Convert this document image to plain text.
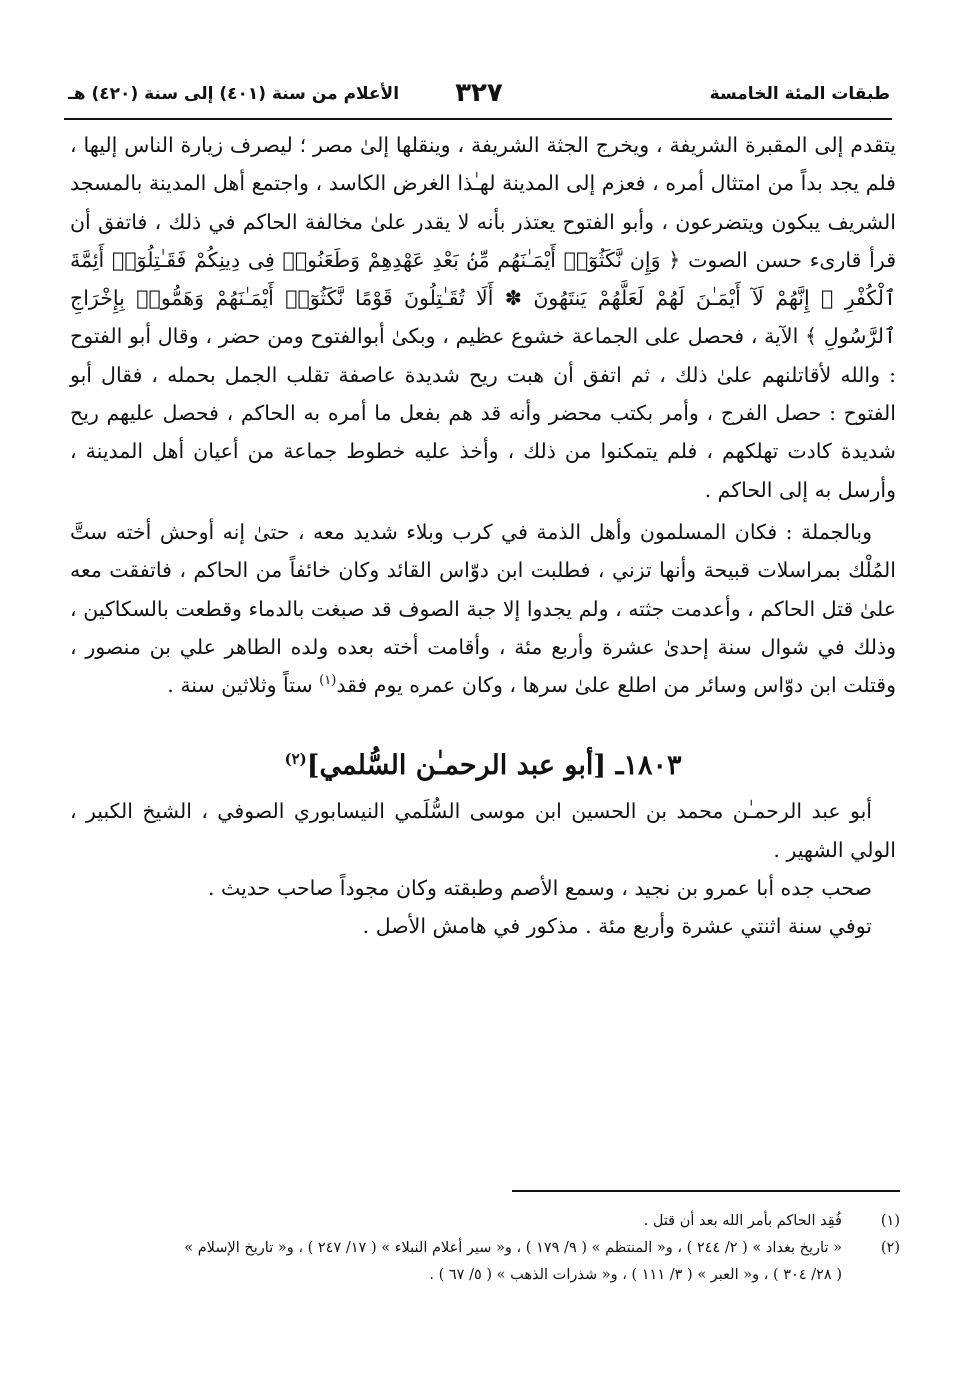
طبقات المئة الخامسة
٣٢٧
الأعلام من سنة (٤٠١) إلى سنة (٤٢٠) هـ

يتقدم إلى المقبرة الشريفة ، ويخرج الجثة الشريفة ، وينقلها إلىٰ مصر ؛ ليصرف زيارة الناس إليها ، فلم يجد بداً من امتثال أمره ، فعزم إلى المدينة لهـٰذا الغرض الكاسد ، واجتمع أهل المدينة بالمسجد الشريف يبكون ويتضرعون ، وأبو الفتوح يعتذر بأنه لا يقدر علىٰ مخالفة الحاكم في ذلك ، فاتفق أن قرأ قارىء حسن الصوت ﴿ وَإِن نَّكَثُوٓا۟ أَيْمَـٰنَهُم مِّنۢ بَعْدِ عَهْدِهِمْ وَطَعَنُوا۟ فِى دِينِكُمْ فَقَـٰتِلُوٓا۟ أَئِمَّةَ ٱلْكُفْرِ ۙ إِنَّهُمْ لَآ أَيْمَـٰنَ لَهُمْ لَعَلَّهُمْ يَنتَهُونَ ✽ أَلَا تُقَـٰتِلُونَ قَوْمًا نَّكَثُوٓا۟ أَيْمَـٰنَهُمْ وَهَمُّوا۟ بِإِخْرَاجِ ٱلرَّسُولِ ﴾ الآية ، فحصل على الجماعة خشوع عظيم ، وبكىٰ أبوالفتوح ومن حضر ، وقال أبو الفتوح : والله لأقاتلنهم علىٰ ذلك ، ثم اتفق أن هبت ريح شديدة عاصفة تقلب الجمل بحمله ، فقال أبو الفتوح : حصل الفرج ، وأمر بكتب محضر وأنه قد هم بفعل ما أمره به الحاكم ، فحصل عليهم ريح شديدة كادت تهلكهم ، فلم يتمكنوا من ذلك ، وأخذ عليه خطوط جماعة من أعيان أهل المدينة ، وأرسل به إلى الحاكم .

وبالجملة : فكان المسلمون وأهل الذمة في كرب وبلاء شديد معه ، حتىٰ إنه أوحش أخته ستَّ المُلْك بمراسلات قبيحة وأنها تزني ، فطلبت ابن دوّاس القائد وكان خائفاً من الحاكم ، فاتفقت معه علىٰ قتل الحاكم ، وأعدمت جثته ، ولم يجدوا إلا جبة الصوف قد صبغت بالدماء وقطعت بالسكاكين ، وذلك في شوال سنة إحدىٰ عشرة وأربع مئة ، وأقامت أخته بعده ولده الطاهر علي بن منصور ، وقتلت ابن دوّاس وسائر من اطلع علىٰ سرها ، وكان عمره يوم فقد$^{(١)}$ ستاً وثلاثين سنة .

١٨٠٣ـ [أبو عبد الرحمـٰن السُّلمي]$^{(٢)}$

أبو عبد الرحمـٰن محمد بن الحسين ابن موسى السُّلَمي النيسابوري الصوفي ، الشيخ الكبير ، الولي الشهير .

صحب جده أبا عمرو بن نجيد ، وسمع الأصم وطبقته وكان مجوداً صاحب حديث .

توفي سنة اثنتي عشرة وأربع مئة . مذكور في هامش الأصل .

(١)
فُقِد الحاكم بأمر الله بعد أن قتل .

(٢)
« تاريخ بغداد » ( ٢/ ٢٤٤ ) ، و« المنتظم » ( ٩/ ١٧٩ ) ، و« سير أعلام النبلاء » ( ١٧/ ٢٤٧ ) ، و« تاريخ الإسلام »
( ٢٨/ ٣٠٤ ) ، و« العبر » ( ٣/ ١١١ ) ، و« شذرات الذهب » ( ٥/ ٦٧ ) .
